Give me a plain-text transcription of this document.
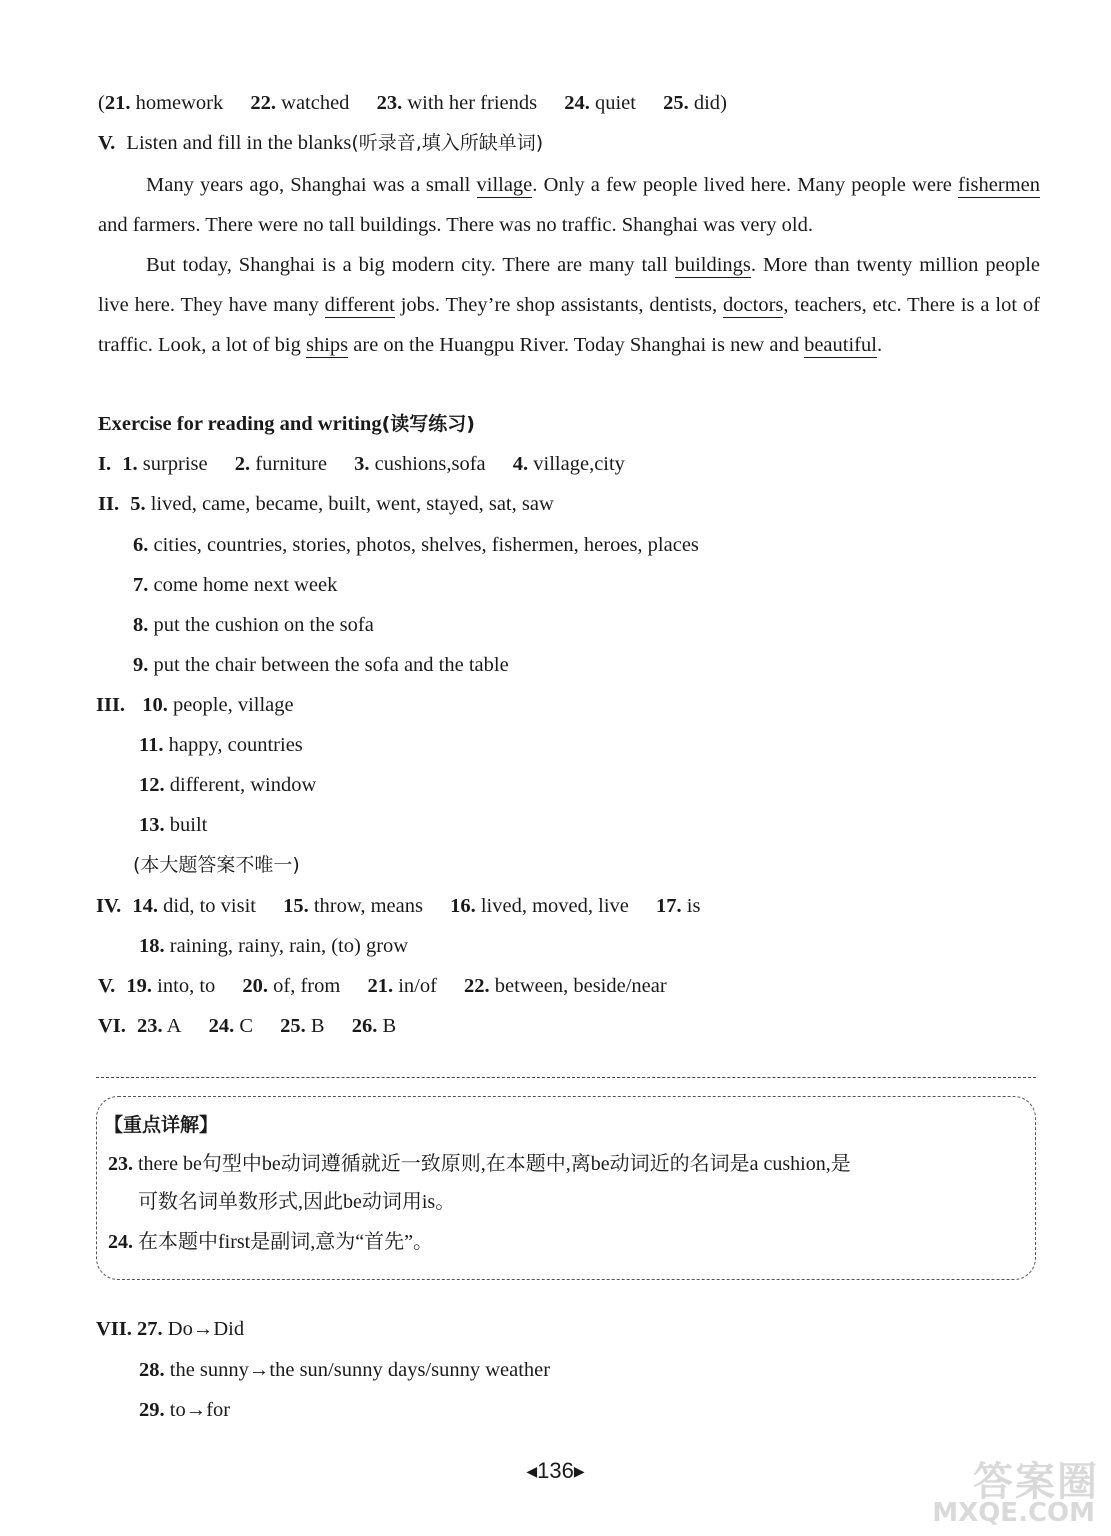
(21. homework 22. watched 23. with her friends 24. quiet 25. did)
V. Listen and fill in the blanks(听录音,填入所缺单词)

Many years ago, Shanghai was a small village. Only a few people lived here. Many people were fishermen and farmers. There were no tall buildings. There was no traffic. Shanghai was very old.

But today, Shanghai is a big modern city. There are many tall buildings. More than twenty million people live here. They have many different jobs. They’re shop assistants, dentists, doctors, teachers, etc. There is a lot of traffic. Look, a lot of big ships are on the Huangpu River. Today Shanghai is new and beautiful.

Exercise for reading and writing(读写练习)
I. 1. surprise 2. furniture 3. cushions,sofa 4. village,city
II. 5. lived, came, became, built, went, stayed, sat, saw
6. cities, countries, stories, photos, shelves, fishermen, heroes, places
7. come home next week
8. put the cushion on the sofa
9. put the chair between the sofa and the table
III. 10. people, village
11. happy, countries
12. different, window
13. built
(本大题答案不唯一)
IV. 14. did, to visit 15. throw, means 16. lived, moved, live 17. is
18. raining, rainy, rain, (to) grow
V. 19. into, to 20. of, from 21. in/of 22. between, beside/near
VI. 23. A 24. C 25. B 26. B
【重点详解】
23. there be句型中be动词遵循就近一致原则,在本题中,离be动词近的名词是a cushion,是
可数名词单数形式,因此be动词用is。
24. 在本题中first是副词,意为“首先”。
VII. 27. Do→Did
28. the sunny→the sun/sunny days/sunny weather
29. to→for
◀136▶	答案圈
MXQE.COM
